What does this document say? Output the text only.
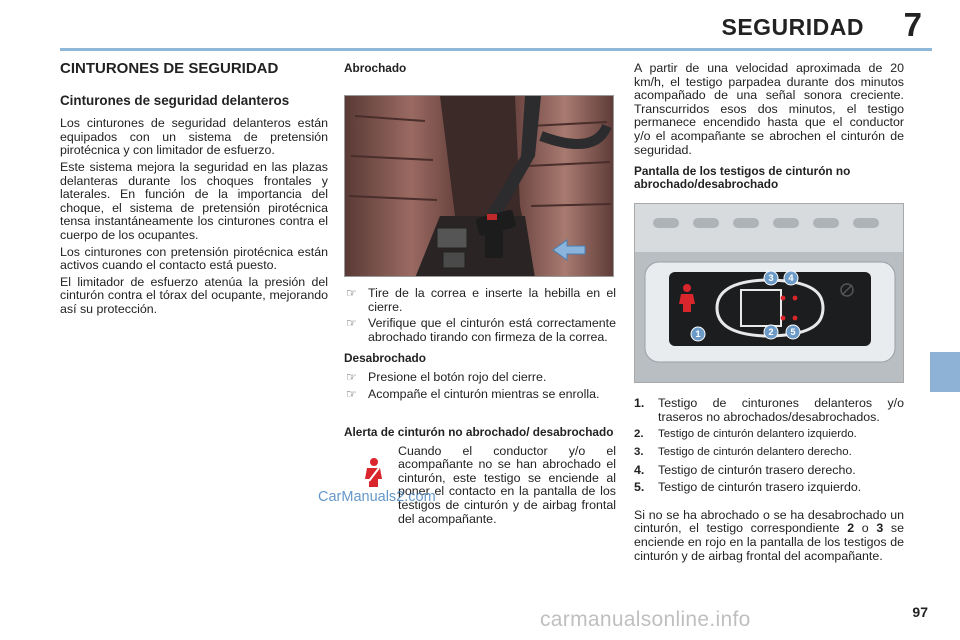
SEGURIDAD 7
CINTURONES DE SEGURIDAD
Cinturones de seguridad delanteros

Los cinturones de seguridad delanteros están equipados con un sistema de pretensión pirotécnica y con limitador de esfuerzo.

Este sistema mejora la seguridad en las plazas delanteras durante los choques frontales y laterales. En función de la importancia del choque, el sistema de pretensión pirotécnica tensa instantáneamente los cinturones contra el cuerpo de los ocupantes.

Los cinturones con pretensión pirotécnica están activos cuando el contacto está puesto.

El limitador de esfuerzo atenúa la presión del cinturón contra el tórax del ocupante, mejorando así su protección.

Abrochado
☞ Tire de la correa e inserte la hebilla en el cierre.
☞ Verifique que el cinturón está correctamente abrochado tirando con firmeza de la correa.
Desabrochado
☞ Presione el botón rojo del cierre.
☞ Acompañe el cinturón mientras se enrolla.
Alerta de cinturón no abrochado/ desabrochado
Cuando el conductor y/o el acompañante no se han abrochado el cinturón, este testigo se enciende al poner el contacto en la pantalla de los testigos de cinturón y de airbag frontal del acompañante.
CarManuals2.com

A partir de una velocidad aproximada de 20 km/h, el testigo parpadea durante dos minutos acompañado de una señal sonora creciente. Transcurridos esos dos minutos, el testigo permanece encendido hasta que el conductor y/o el acompañante se abrochen el cinturón de seguridad.

Pantalla de los testigos de cinturón no abrochado/desabrochado
1	2
3 4
5
1. Testigo de cinturones delanteros y/o traseros no abrochados/desabrochados.
2. Testigo de cinturón delantero izquierdo.
3. Testigo de cinturón delantero derecho.
4. Testigo de cinturón trasero derecho.
5. Testigo de cinturón trasero izquierdo.

Si no se ha abrochado o se ha desabrochado un cinturón, el testigo correspondiente 2 o 3 se enciende en rojo en la pantalla de los testigos de cinturón y de airbag frontal del acompañante.

carmanualsonline.info	97
